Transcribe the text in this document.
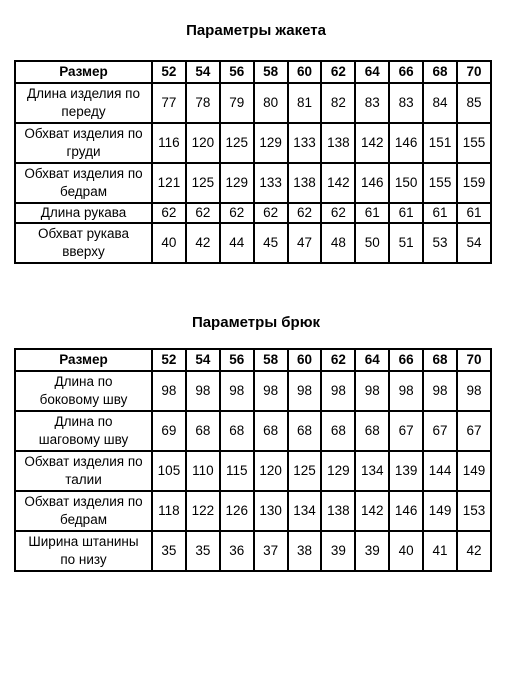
Параметры жакета
Размер	52	54	56	58	60	62	64	66	68	70

Длина изделия по
переду	77	78	79	80	81	82	83	83	84	85

Обхват изделия по
груди	116	120	125	129	133	138	142	146	151	155

Обхват изделия по
бедрам	121	125	129	133	138	142	146	150	155	159

Длина рукава	62	62	62	62	62	62	61	61	61	61

Обхват рукава
вверху	40	42	44	45	47	48	50	51	53	54
Параметры брюк
Размер	52	54	56	58	60	62	64	66	68	70

Длина по
боковому шву	98	98	98	98	98	98	98	98	98	98

Длина по
шаговому шву	69	68	68	68	68	68	68	67	67	67

Обхват изделия по
талии	105	110	115	120	125	129	134	139	144	149

Обхват изделия по
бедрам	118	122	126	130	134	138	142	146	149	153

Ширина штанины
по низу	35	35	36	37	38	39	39	40	41	42
